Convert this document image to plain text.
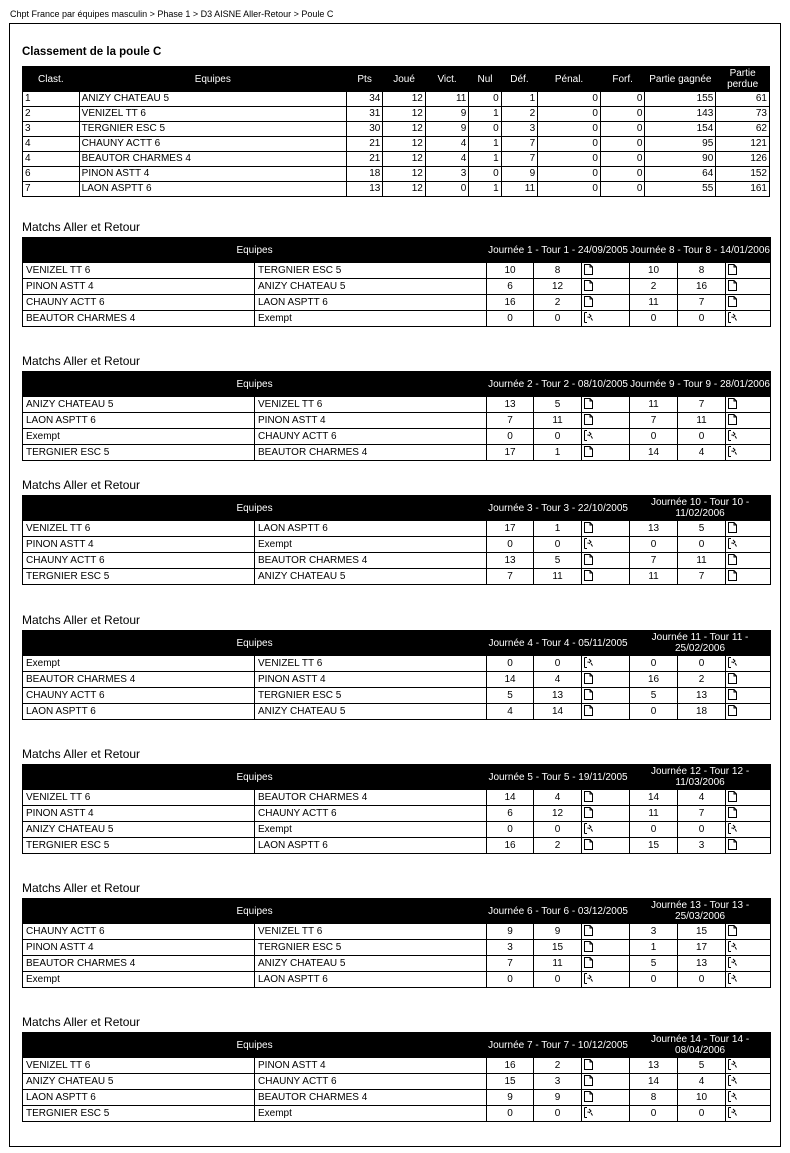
Chpt France par équipes masculin > Phase 1 > D3 AISNE Aller-Retour > Poule C
Classement de la poule C
Clast.	Equipes	Pts	Joué	Vict.	Nul	Déf.	Pénal.	Forf.	Partie gagnée	Partie perdue
1	ANIZY CHATEAU 5	34	12	11	0	1	0	0	155	61
2	VENIZEL TT 6	31	12	9	1	2	0	0	143	73
3	TERGNIER ESC 5	30	12	9	0	3	0	0	154	62
4	CHAUNY ACTT 6	21	12	4	1	7	0	0	95	121
4	BEAUTOR CHARMES 4	21	12	4	1	7	0	0	90	126
6	PINON ASTT 4	18	12	3	0	9	0	0	64	152
7	LAON ASPTT 6	13	12	0	1	11	0	0	55	161
Matchs Aller et Retour
Equipes		Journée 1 - Tour 1 - 24/09/2005			Journée 8 - Tour 8 - 14/01/2006		
VENIZEL TT 6	TERGNIER ESC 5	10	8		10	8	
PINON ASTT 4	ANIZY CHATEAU 5	6	12		2	16	
CHAUNY ACTT 6	LAON ASPTT 6	16	2		11	7	
BEAUTOR CHARMES 4	Exempt	0	0		0	0	
Matchs Aller et Retour
Equipes		Journée 2 - Tour 2 - 08/10/2005			Journée 9 - Tour 9 - 28/01/2006		
ANIZY CHATEAU 5	VENIZEL TT 6	13	5		11	7	
LAON ASPTT 6	PINON ASTT 4	7	11		7	11	
Exempt	CHAUNY ACTT 6	0	0		0	0	
TERGNIER ESC 5	BEAUTOR CHARMES 4	17	1		14	4	
Matchs Aller et Retour
Equipes		Journée 3 - Tour 3 - 22/10/2005			Journée 10 - Tour 10 - 11/02/2006		
VENIZEL TT 6	LAON ASPTT 6	17	1		13	5	
PINON ASTT 4	Exempt	0	0		0	0	
CHAUNY ACTT 6	BEAUTOR CHARMES 4	13	5		7	11	
TERGNIER ESC 5	ANIZY CHATEAU 5	7	11		11	7	
Matchs Aller et Retour
Equipes		Journée 4 - Tour 4 - 05/11/2005			Journée 11 - Tour 11 - 25/02/2006		
Exempt	VENIZEL TT 6	0	0		0	0	
BEAUTOR CHARMES 4	PINON ASTT 4	14	4		16	2	
CHAUNY ACTT 6	TERGNIER ESC 5	5	13		5	13	
LAON ASPTT 6	ANIZY CHATEAU 5	4	14		0	18	
Matchs Aller et Retour
Equipes		Journée 5 - Tour 5 - 19/11/2005			Journée 12 - Tour 12 - 11/03/2006		
VENIZEL TT 6	BEAUTOR CHARMES 4	14	4		14	4	
PINON ASTT 4	CHAUNY ACTT 6	6	12		11	7	
ANIZY CHATEAU 5	Exempt	0	0		0	0	
TERGNIER ESC 5	LAON ASPTT 6	16	2		15	3	
Matchs Aller et Retour
Equipes		Journée 6 - Tour 6 - 03/12/2005			Journée 13 - Tour 13 - 25/03/2006		
CHAUNY ACTT 6	VENIZEL TT 6	9	9		3	15	
PINON ASTT 4	TERGNIER ESC 5	3	15		1	17	
BEAUTOR CHARMES 4	ANIZY CHATEAU 5	7	11		5	13	
Exempt	LAON ASPTT 6	0	0		0	0	
Matchs Aller et Retour
Equipes		Journée 7 - Tour 7 - 10/12/2005			Journée 14 - Tour 14 - 08/04/2006		
VENIZEL TT 6	PINON ASTT 4	16	2		13	5	
ANIZY CHATEAU 5	CHAUNY ACTT 6	15	3		14	4	
LAON ASPTT 6	BEAUTOR CHARMES 4	9	9		8	10	
TERGNIER ESC 5	Exempt	0	0		0	0	
